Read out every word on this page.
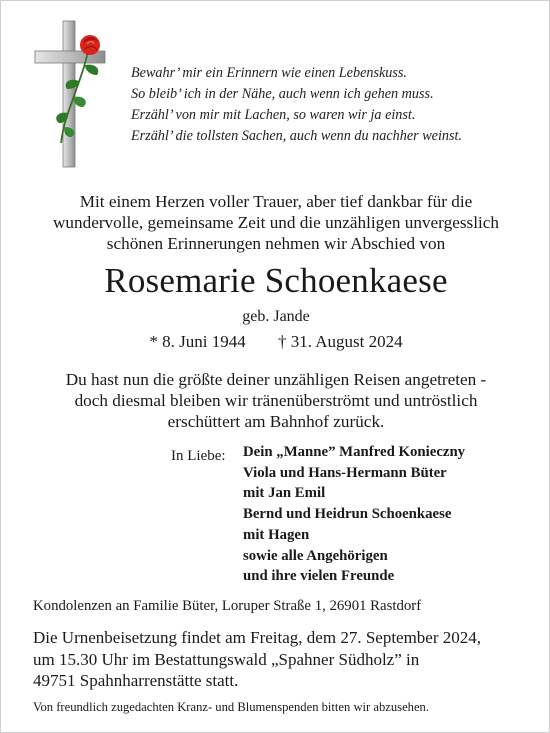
Bewahr’ mir ein Erinnern wie einen Lebenskuss.
So bleib’ ich in der Nähe, auch wenn ich gehen muss.
Erzähl’ von mir mit Lachen, so waren wir ja einst.
Erzähl’ die tollsten Sachen, auch wenn du nachher weinst.
Mit einem Herzen voller Trauer, aber tief dankbar für die
wundervolle, gemeinsame Zeit und die unzähligen unvergesslich
schönen Erinnerungen nehmen wir Abschied von
Rosemarie Schoenkaese
geb. Jande
* 8. Juni 1944 † 31. August 2024
Du hast nun die größte deiner unzähligen Reisen angetreten -
doch diesmal bleiben wir tränenüberströmt und untröstlich
erschüttert am Bahnhof zurück.
In Liebe: Dein „Manne” Manfred Konieczny
Viola und Hans-Hermann Büter
mit Jan Emil
Bernd und Heidrun Schoenkaese
mit Hagen
sowie alle Angehörigen
und ihre vielen Freunde
Kondolenzen an Familie Büter, Loruper Straße 1, 26901 Rastdorf
Die Urnenbeisetzung findet am Freitag, dem 27. September 2024,
um 15.30 Uhr im Bestattungswald „Spahner Südholz” in
49751 Spahnharrenstätte statt.
Von freundlich zugedachten Kranz- und Blumenspenden bitten wir abzusehen.
